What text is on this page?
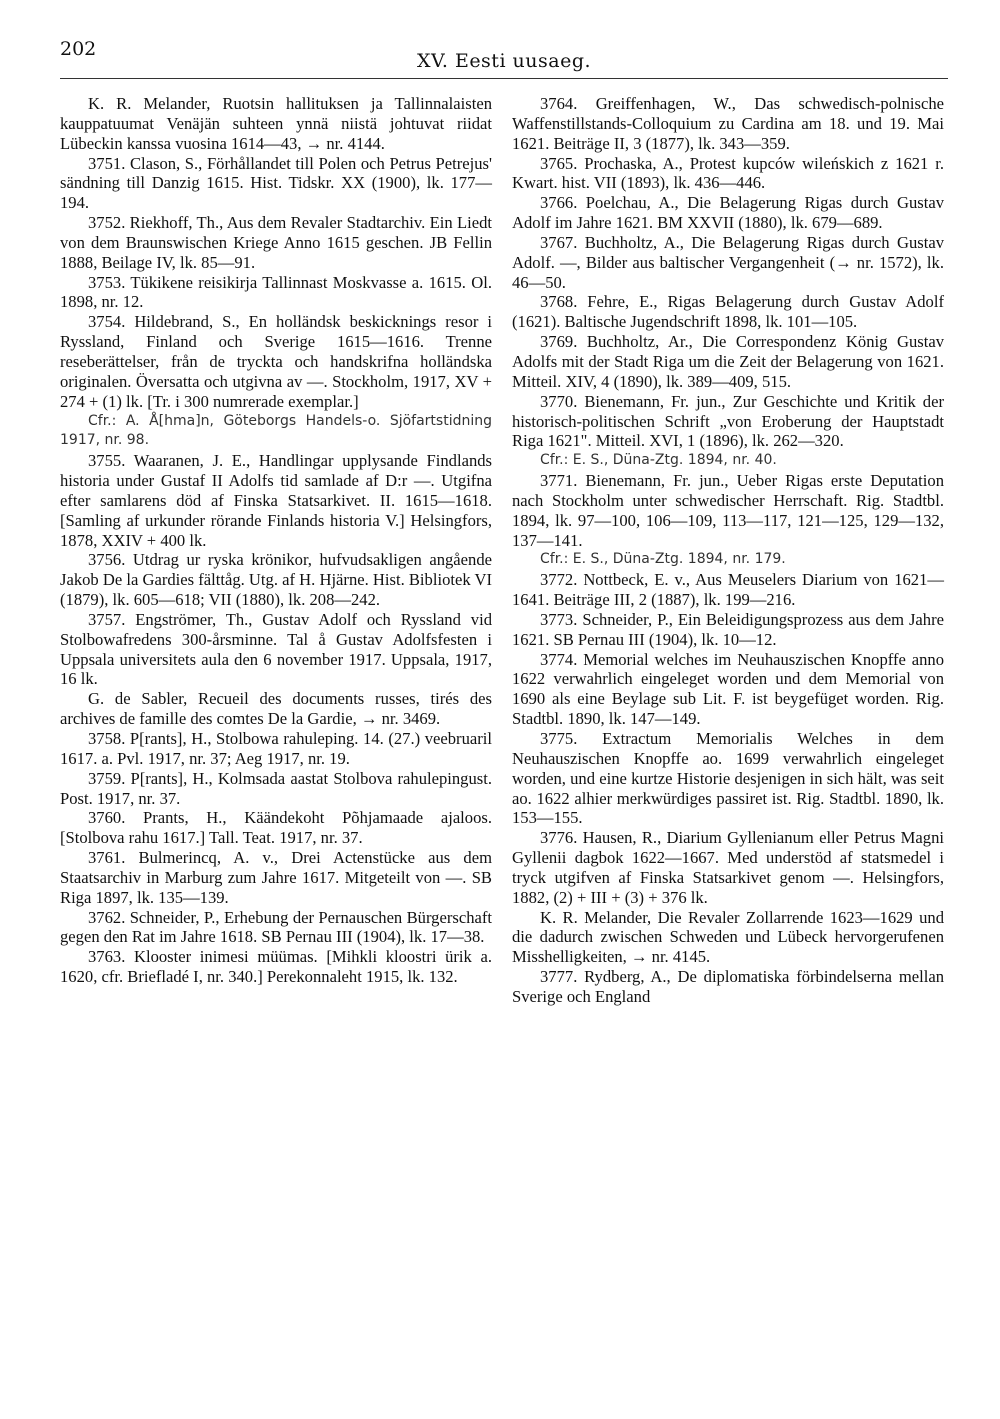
202
XV. Eesti uusaeg.

K. R. Melander, Ruotsin hallituksen ja Tallinnalaisten kauppatuumat Venäjän suhteen ynnä niistä johtuvat riidat Lübeckin kanssa vuosina 1614—43, → nr. 4144.

3751. Clason, S., Förhållandet till Polen och Petrus Petrejus' sändning till Danzig 1615. Hist. Tidskr. XX (1900), lk. 177—194.

3752. Riekhoff, Th., Aus dem Revaler Stadtarchiv. Ein Liedt von dem Braunswischen Kriege Anno 1615 geschen. JB Fellin 1888, Beilage IV, lk. 85—91.

3753. Tükikene reisikirja Tallinnast Moskvasse a. 1615. Ol. 1898, nr. 12.

3754. Hildebrand, S., En holländsk beskicknings resor i Ryssland, Finland och Sverige 1615—1616. Trenne reseberättelser, från de tryckta och handskrifna holländska originalen. Översatta och utgivna av —. Stockholm, 1917, XV + 274 + (1) lk. [Tr. i 300 numrerade exemplar.]

Cfr.: A. Å[hma]n, Göteborgs Handels-o. Sjöfartstidning 1917, nr. 98.

3755. Waaranen, J. E., Handlingar upplysande Findlands historia under Gustaf II Adolfs tid samlade af D:r —. Utgifna efter samlarens död af Finska Statsarkivet. II. 1615—1618. [Samling af urkunder rörande Finlands historia V.] Helsingfors, 1878, XXIV + 400 lk.

3756. Utdrag ur ryska krönikor, hufvudsakligen angående Jakob De la Gardies fälttåg. Utg. af H. Hjärne. Hist. Bibliotek VI (1879), lk. 605—618; VII (1880), lk. 208—242.

3757. Engströmer, Th., Gustav Adolf och Ryssland vid Stolbowafredens 300-årsminne. Tal å Gustav Adolfsfesten i Uppsala universitets aula den 6 november 1917. Uppsala, 1917, 16 lk.

G. de Sabler, Recueil des documents russes, tirés des archives de famille des comtes De la Gardie, → nr. 3469.

3758. P[rants], H., Stolbowa rahuleping. 14. (27.) veebruaril 1617. a. Pvl. 1917, nr. 37; Aeg 1917, nr. 19.

3759. P[rants], H., Kolmsada aastat Stolbova rahulepingust. Post. 1917, nr. 37.

3760. Prants, H., Käändekoht Põhjamaade ajaloos. [Stolbova rahu 1617.] Tall. Teat. 1917, nr. 37.

3761. Bulmerincq, A. v., Drei Actenstücke aus dem Staatsarchiv in Marburg zum Jahre 1617. Mitgeteilt von —. SB Riga 1897, lk. 135—139.

3762. Schneider, P., Erhebung der Pernauschen Bürgerschaft gegen den Rat im Jahre 1618. SB Pernau III (1904), lk. 17—38.

3763. Klooster inimesi müümas. [Mihkli kloostri ürik a. 1620, cfr. Briefladé I, nr. 340.] Perekonnaleht 1915, lk. 132.

3764. Greiffenhagen, W., Das schwedisch-polnische Waffenstillstands-Colloquium zu Cardina am 18. und 19. Mai 1621. Beiträge II, 3 (1877), lk. 343—359.

3765. Prochaska, A., Protest kupców wileńskich z 1621 r. Kwart. hist. VII (1893), lk. 436—446.

3766. Poelchau, A., Die Belagerung Rigas durch Gustav Adolf im Jahre 1621. BM XXVII (1880), lk. 679—689.

3767. Buchholtz, A., Die Belagerung Rigas durch Gustav Adolf. —, Bilder aus baltischer Vergangenheit (→ nr. 1572), lk. 46—50.

3768. Fehre, E., Rigas Belagerung durch Gustav Adolf (1621). Baltische Jugendschrift 1898, lk. 101—105.

3769. Buchholtz, Ar., Die Correspondenz König Gustav Adolfs mit der Stadt Riga um die Zeit der Belagerung von 1621. Mitteil. XIV, 4 (1890), lk. 389—409, 515.

3770. Bienemann, Fr. jun., Zur Geschichte und Kritik der historisch-politischen Schrift „von Eroberung der Hauptstadt Riga 1621". Mitteil. XVI, 1 (1896), lk. 262—320.

Cfr.: E. S., Düna-Ztg. 1894, nr. 40.

3771. Bienemann, Fr. jun., Ueber Rigas erste Deputation nach Stockholm unter schwedischer Herrschaft. Rig. Stadtbl. 1894, lk. 97—100, 106—109, 113—117, 121—125, 129—132, 137—141.

Cfr.: E. S., Düna-Ztg. 1894, nr. 179.

3772. Nottbeck, E. v., Aus Meuselers Diarium von 1621—1641. Beiträge III, 2 (1887), lk. 199—216.

3773. Schneider, P., Ein Beleidigungsprozess aus dem Jahre 1621. SB Pernau III (1904), lk. 10—12.

3774. Memorial welches im Neuhauszischen Knopffe anno 1622 verwahrlich eingeleget worden und dem Memorial von 1690 als eine Beylage sub Lit. F. ist beygefüget worden. Rig. Stadtbl. 1890, lk. 147—149.

3775. Extractum Memorialis Welches in dem Neuhauszischen Knopffe ao. 1699 verwahrlich eingeleget worden, und eine kurtze Historie desjenigen in sich hält, was seit ao. 1622 alhier merkwürdiges passiret ist. Rig. Stadtbl. 1890, lk. 153—155.

3776. Hausen, R., Diarium Gyllenianum eller Petrus Magni Gyllenii dagbok 1622—1667. Med understöd af statsmedel i tryck utgifven af Finska Statsarkivet genom —. Helsingfors, 1882, (2) + III + (3) + 376 lk.

K. R. Melander, Die Revaler Zollarrende 1623—1629 und die dadurch zwischen Schweden und Lübeck hervorgerufenen Misshelligkeiten, → nr. 4145.

3777. Rydberg, A., De diplomatiska förbindelserna mellan Sverige och England
